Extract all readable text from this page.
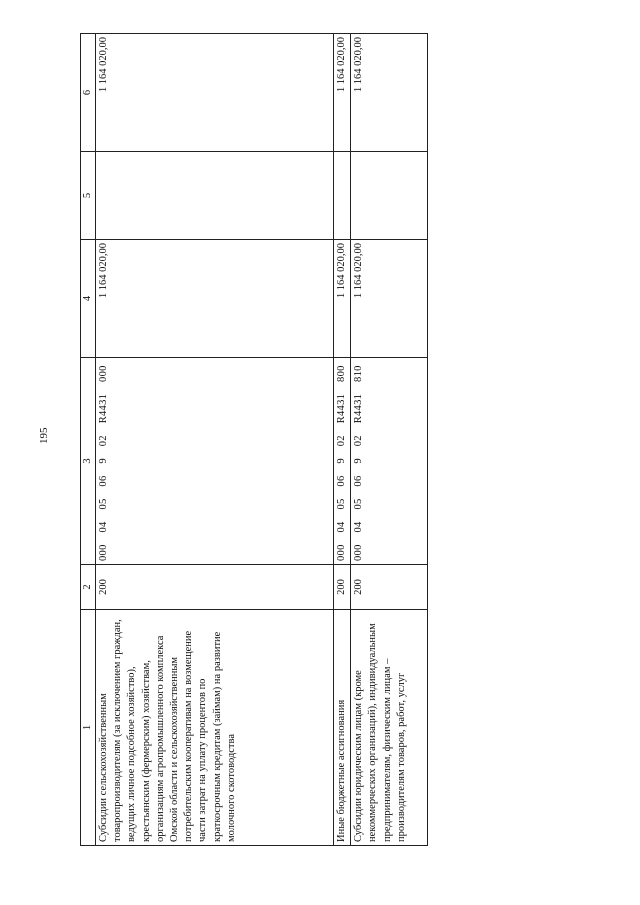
195
1	2	3	4	5	6
Субсидии сельскохозяйственным товаропроизводителям (за исключением граждан, ведущих личное подсобное хозяйство), крестьянским (фермерским) хозяйствам, организациям агропромышленного комплекса Омской области и сельскохозяйственным потребительским кооперативам на возмещение части затрат на уплату процентов по краткосрочным кредитам (займам) на развитие молочного скотоводства	200	000  04  05  06  9  02  R4431  000	1 164 020,00		1 164 020,00
Иные бюджетные ассигнования	200	000  04  05  06  9  02  R4431  800	1 164 020,00		1 164 020,00
Субсидии юридическим лицам (кроме некоммерческих организаций), индивидуальным предпринимателям, физическим лицам – производителям товаров, работ, услуг	200	000  04  05  06  9  02  R4431  810	1 164 020,00		1 164 020,00
